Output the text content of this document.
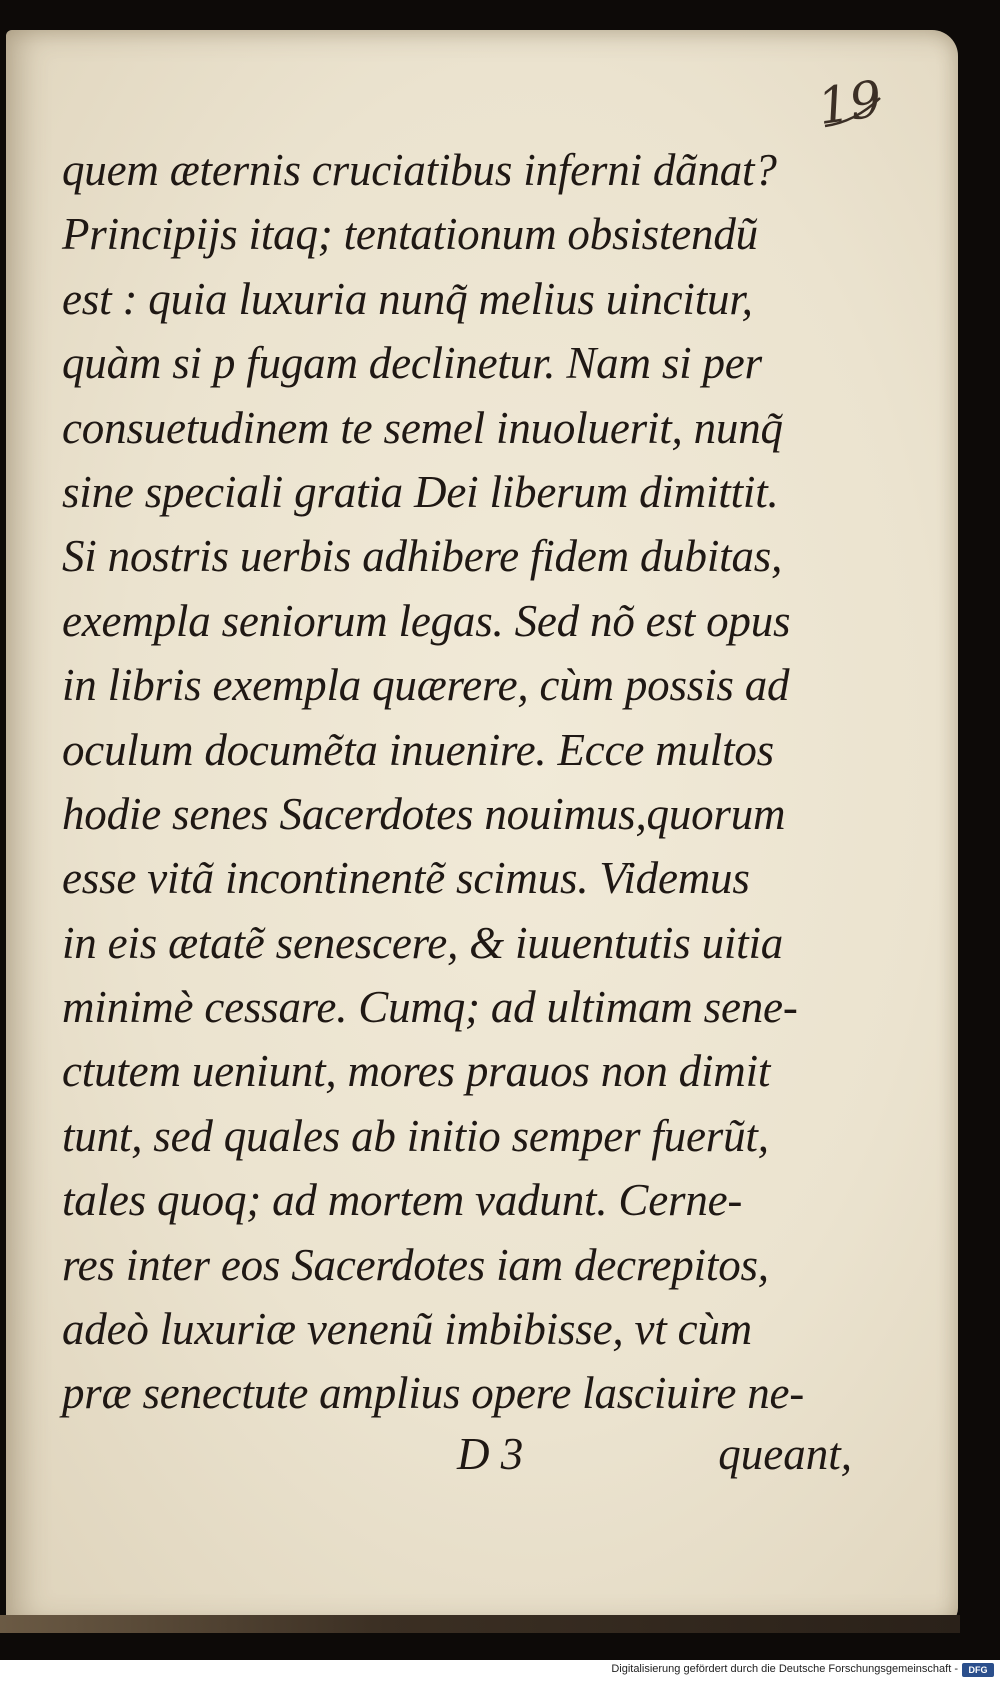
19
quem æternis cruciatibus inferni dãnat?
Principijs itaq; tentationum obsistendũ
est : quia luxuria nunq̃ melius uincitur,
quàm si p fugam declinetur. Nam si per
consuetudinem te semel inuoluerit, nunq̃
sine speciali gratia Dei liberum dimittit.
Si nostris uerbis adhibere fidem dubitas,
exempla seniorum legas. Sed nõ est opus
in libris exempla quærere, cùm possis ad
oculum documẽta inuenire. Ecce multos
hodie senes Sacerdotes nouimus,quorum
esse vitã incontinentẽ scimus. Videmus
in eis ætatẽ senescere, & iuuentutis uitia
minimè cessare. Cumq; ad ultimam sene-
ctutem ueniunt, mores prauos non dimit
tunt, sed quales ab initio semper fuerũt,
tales quoq; ad mortem vadunt. Cerne-
res inter eos Sacerdotes iam decrepitos,
adeò luxuriæ venenũ imbibisse, vt cùm
præ senectute amplius opere lasciuire ne-
D 3	queant,
Digitalisierung gefördert durch die Deutsche Forschungsgemeinschaft -	DFG
